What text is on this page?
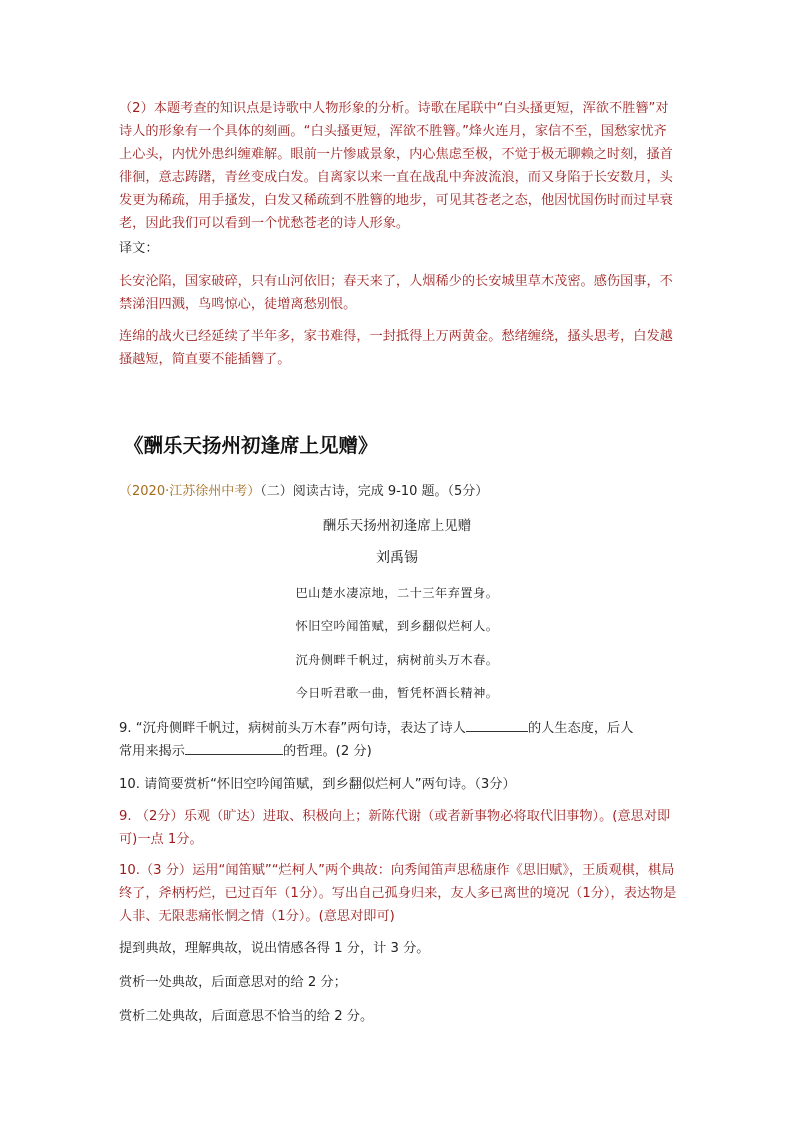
（2）本题考查的知识点是诗歌中人物形象的分析。诗歌在尾联中“白头搔更短，浑欲不胜簪”对诗人的形象有一个具体的刻画。“白头搔更短，浑欲不胜簪。”烽火连月，家信不至，国愁家忧齐上心头，内忧外患纠缠难解。眼前一片惨戚景象，内心焦虑至极，不觉于极无聊赖之时刻，搔首徘徊，意志踌躇，青丝变成白发。自离家以来一直在战乱中奔波流浪，而又身陷于长安数月，头发更为稀疏，用手搔发，白发又稀疏到不胜簪的地步，可见其苍老之态，他因忧国伤时而过早衰老，因此我们可以看到一个忧愁苍老的诗人形象。

译文：

长安沦陷，国家破碎，只有山河依旧；春天来了，人烟稀少的长安城里草木茂密。感伤国事，不禁涕泪四溅，鸟鸣惊心，徒增离愁别恨。

连绵的战火已经延续了半年多，家书难得，一封抵得上万两黄金。愁绪缠绕，搔头思考，白发越搔越短，简直要不能插簪了。

《酬乐天扬州初逢席上见赠》

（2020·江苏徐州中考）（二）阅读古诗，完成 9-10 题。（5分）

酬乐天扬州初逢席上见赠

刘禹锡

巴山楚水凄凉地，二十三年弃置身。

怀旧空吟闻笛赋，到乡翻似烂柯人。

沉舟侧畔千帆过，病树前头万木春。

今日听君歌一曲，暂凭杯酒长精神。

9. “沉舟侧畔千帆过，病树前头万木春”两句诗，表达了诗人	的人生态度，后人
常用来揭示	的哲理。(2 分)

10. 请简要赏析“怀旧空吟闻笛赋，到乡翻似烂柯人”两句诗。（3分）

9. （2分）乐观（旷达）进取、积极向上；新陈代谢（或者新事物必将取代旧事物）。(意思对即可)一点 1分。

10.（3 分）运用“闻笛赋”“烂柯人”两个典故：向秀闻笛声思嵇康作《思旧赋》，王质观棋，棋局终了，斧柄朽烂，已过百年（1分）。写出自己孤身归来，友人多已离世的境况（1分），表达物是人非、无限悲痛怅惘之情（1分）。(意思对即可)

提到典故，理解典故，说出情感各得 1 分，计 3 分。

赏析一处典故，后面意思对的给 2 分；

赏析二处典故，后面意思不恰当的给 2 分。
